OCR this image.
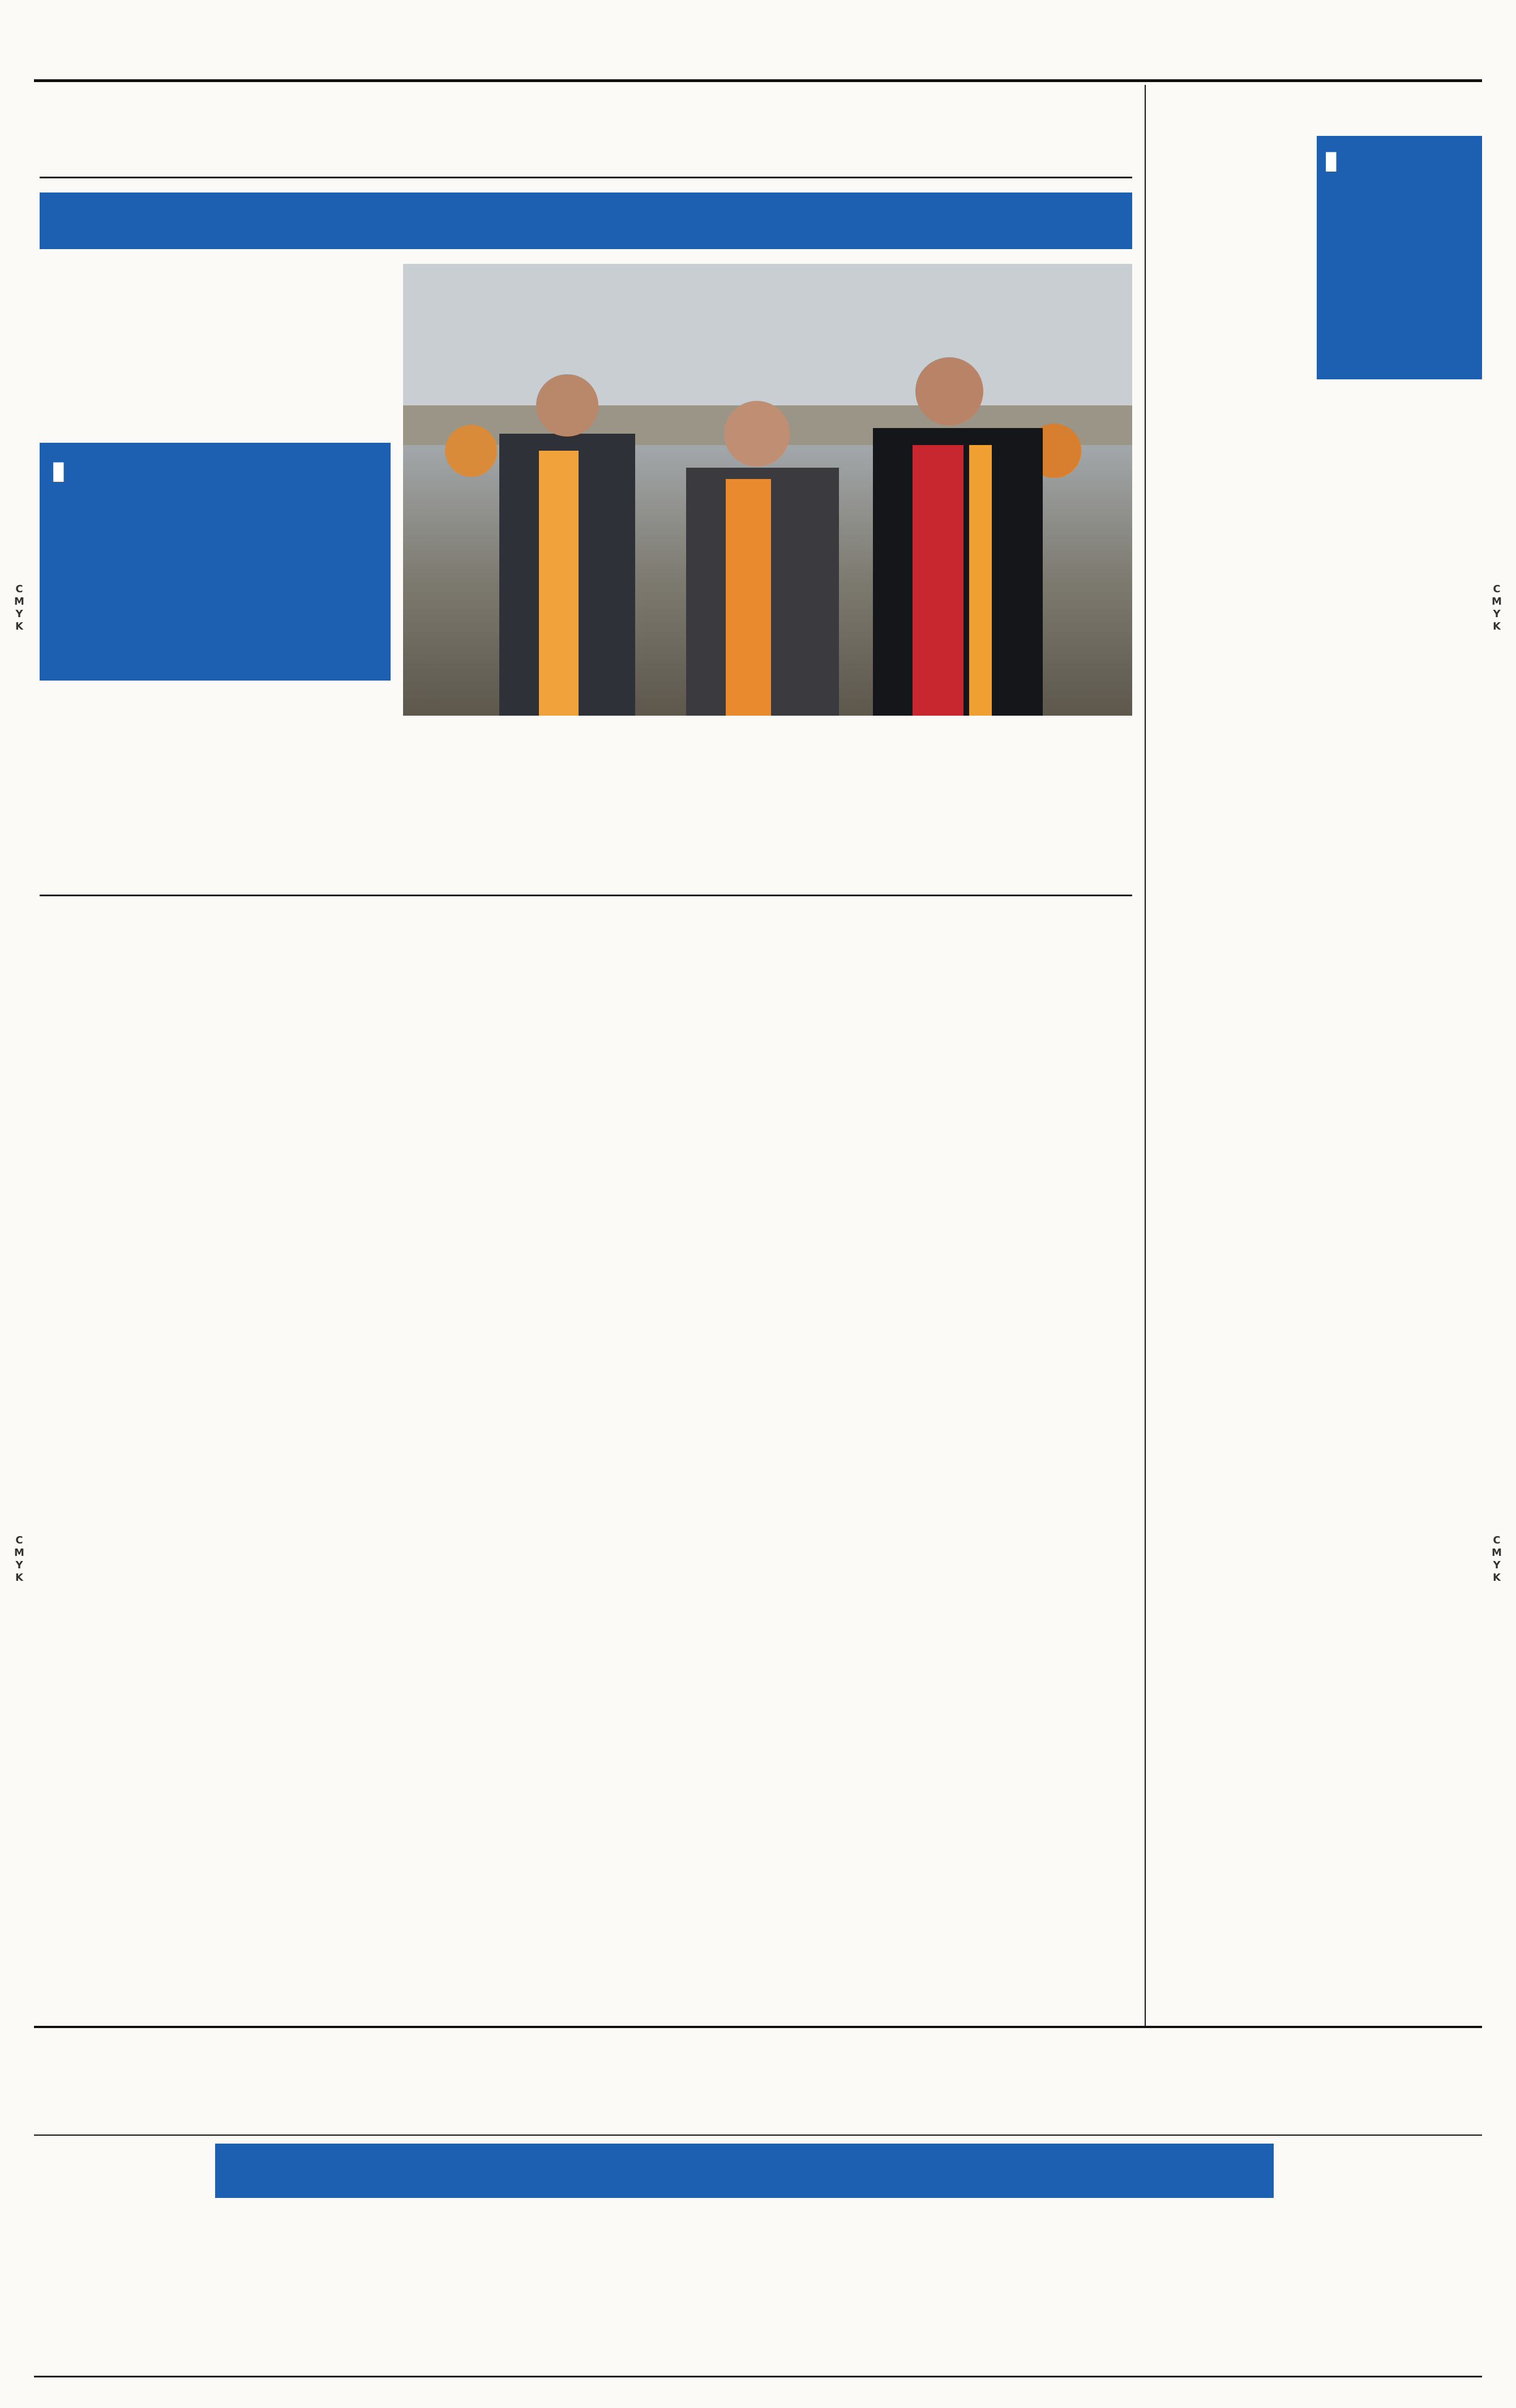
C
M
Y
K
C
M
Y
K
C
M
Y
K
C
M
Y
K
